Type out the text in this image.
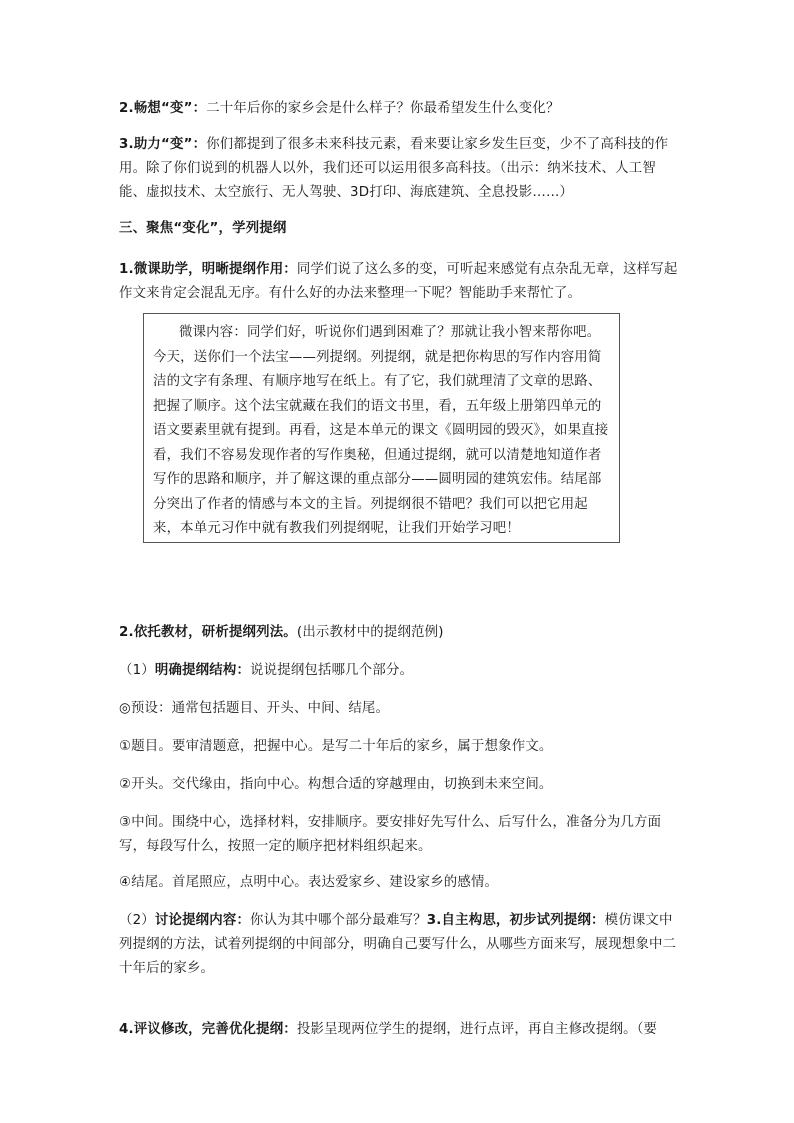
2.畅想“变”：二十年后你的家乡会是什么样子？你最希望发生什么变化？

3.助力“变”：你们都提到了很多未来科技元素，看来要让家乡发生巨变，少不了高科技的作用。除了你们说到的机器人以外，我们还可以运用很多高科技。（出示：纳米技术、人工智能、虚拟技术、太空旅行、无人驾驶、3D打印、海底建筑、全息投影……）

三、聚焦“变化”，学列提纲

1.微课助学，明晰提纲作用：同学们说了这么多的变，可听起来感觉有点杂乱无章，这样写起作文来肯定会混乱无序。有什么好的办法来整理一下呢？智能助手来帮忙了。

微课内容：同学们好，听说你们遇到困难了？那就让我小智来帮你吧。今天，送你们一个法宝——列提纲。列提纲，就是把你构思的写作内容用简洁的文字有条理、有顺序地写在纸上。有了它，我们就理清了文章的思路、把握了顺序。这个法宝就藏在我们的语文书里，看，五年级上册第四单元的语文要素里就有提到。再看，这是本单元的课文《圆明园的毁灭》，如果直接看，我们不容易发现作者的写作奥秘，但通过提纲，就可以清楚地知道作者写作的思路和顺序，并了解这课的重点部分——圆明园的建筑宏伟。结尾部分突出了作者的情感与本文的主旨。列提纲很不错吧？我们可以把它用起来，本单元习作中就有教我们列提纲呢，让我们开始学习吧！

2.依托教材，研析提纲列法。(出示教材中的提纲范例)

（1）明确提纲结构：说说提纲包括哪几个部分。

◎预设：通常包括题目、开头、中间、结尾。

①题目。要审清题意，把握中心。是写二十年后的家乡，属于想象作文。

②开头。交代缘由，指向中心。构想合适的穿越理由，切换到未来空间。

③中间。围绕中心，选择材料，安排顺序。要安排好先写什么、后写什么，准备分为几方面写，每段写什么，按照一定的顺序把材料组织起来。

④结尾。首尾照应，点明中心。表达爱家乡、建设家乡的感情。

（2）讨论提纲内容：你认为其中哪个部分最难写？3.自主构思，初步试列提纲：模仿课文中列提纲的方法，试着列提纲的中间部分，明确自己要写什么，从哪些方面来写，展现想象中二十年后的家乡。

4.评议修改，完善优化提纲：投影呈现两位学生的提纲，进行点评，再自主修改提纲。（要
